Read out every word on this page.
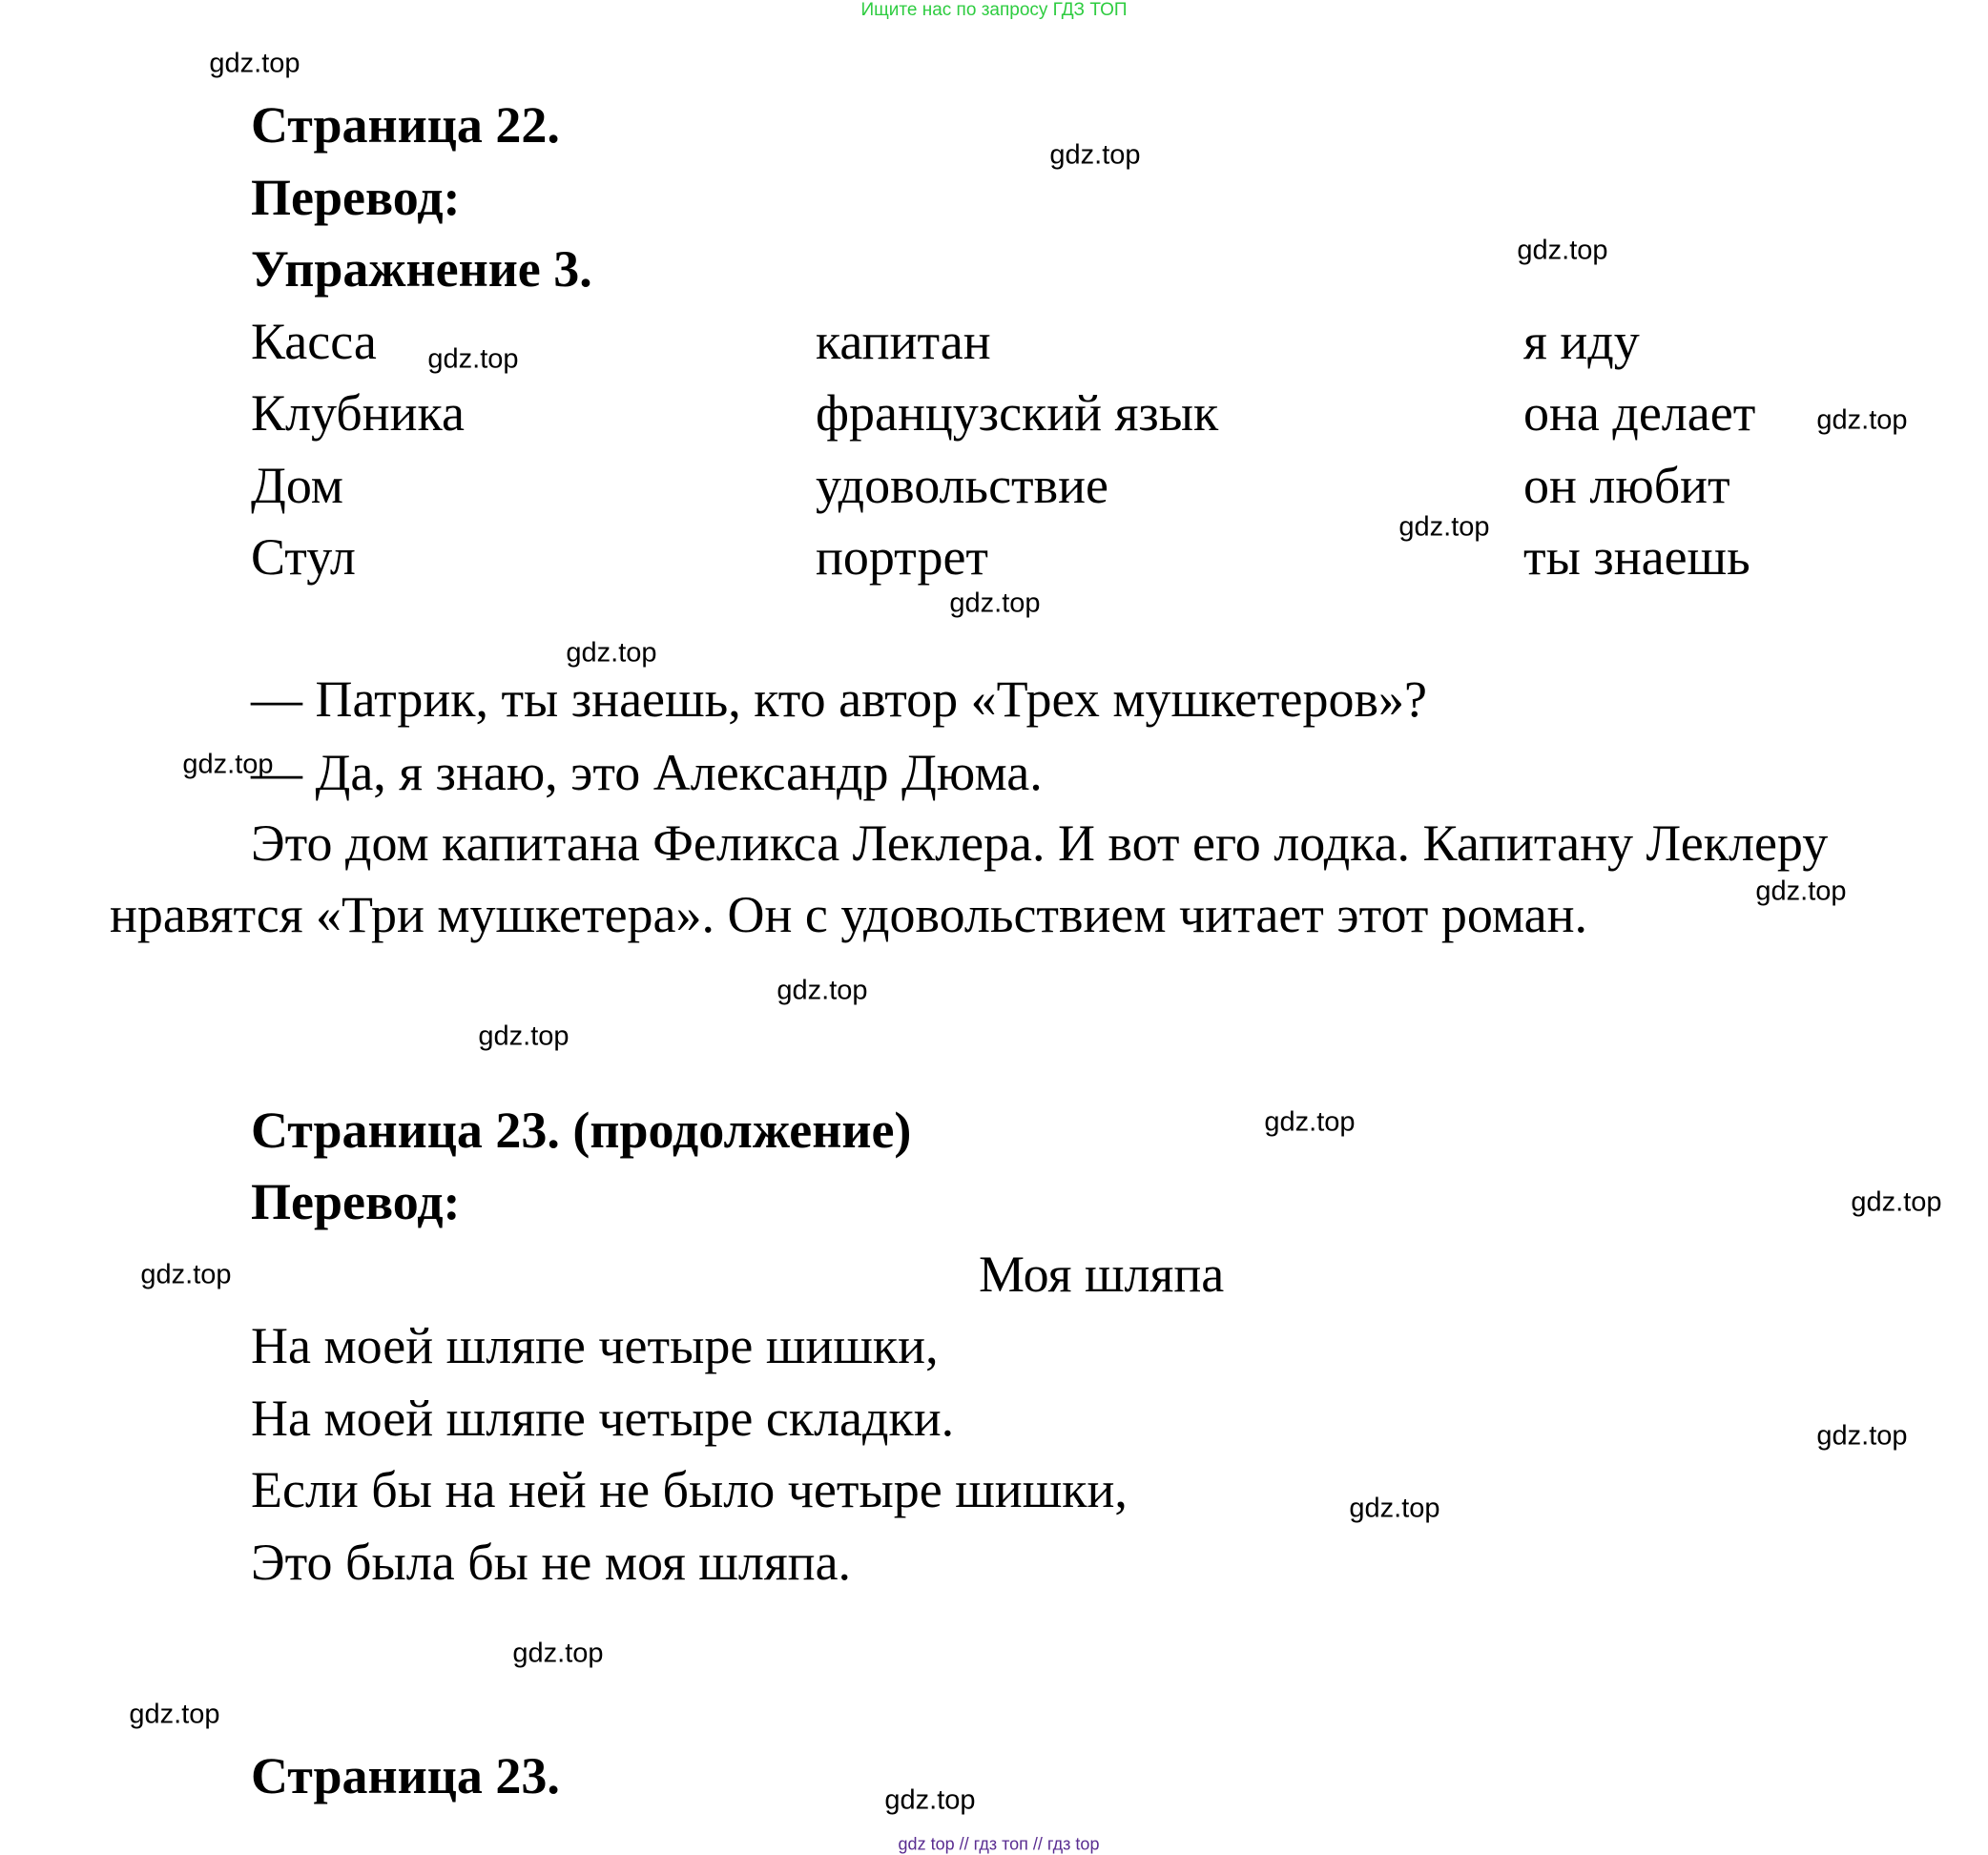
Ищите нас по запросу ГДЗ ТОП
Страница 22.
Перевод:
Упражнение 3.
Касса	капитан	я иду
Клубника	французский язык	она делает
Дом	удовольствие	он любит
Стул	портрет	ты знаешь
— Патрик, ты знаешь, кто автор «Трех мушкетеров»?
— Да, я знаю, это Александр Дюма.
Это дом капитана Феликса Леклера. И вот его лодка. Капитану Леклеру
нравятся «Три мушкетера». Он с удовольствием читает этот роман.
Страница 23. (продолжение)
Перевод:
Моя шляпа
На моей шляпе четыре шишки,
На моей шляпе четыре складки.
Если бы на ней не было четыре шишки,
Это была бы не моя шляпа.
Страница 23.
gdz.top
gdz.top
gdz.top
gdz.top
gdz.top
gdz.top
gdz.top
gdz.top
gdz.top
gdz.top
gdz.top
gdz.top
gdz.top
gdz.top
gdz.top
gdz.top
gdz.top
gdz.top
gdz.top
gdz.top
gdz top // гдз топ // гдз top
